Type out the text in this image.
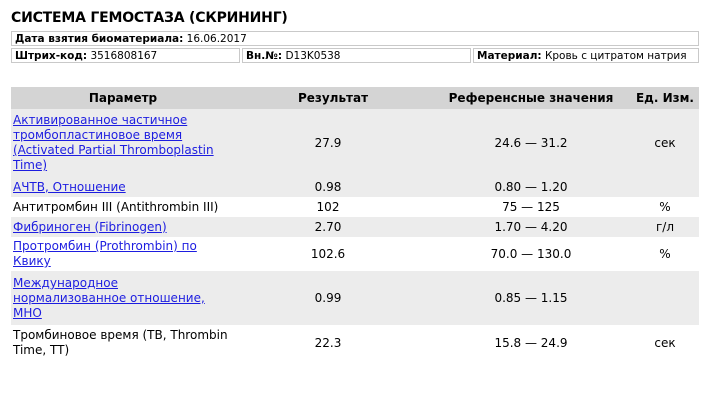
СИСТЕМА ГЕМОСТАЗА (СКРИНИНГ)
Дата взятия биоматериала: 16.06.2017
Штрих-код: 3516808167	Вн.№: D13K0538	Материал: Кровь с цитратом натрия
Параметр	Результат	Референсные значения	Ед. Изм.
Активированное частичное тромбопластиновое время (Activated Partial Thromboplastin Time)	27.9	24.6 — 31.2	сек
АЧТВ, Отношение	0.98	0.80 — 1.20	
Антитромбин III (Antithrombin III)	102	75 — 125	%
Фибриноген (Fibrinogen)	2.70	1.70 — 4.20	г/л
Протромбин (Prothrombin) по Квику	102.6	70.0 — 130.0	%
Международное нормализованное отношение, МНО	0.99	0.85 — 1.15	
Тромбиновое время (TB, Thrombin Time, TT)	22.3	15.8 — 24.9	сек
